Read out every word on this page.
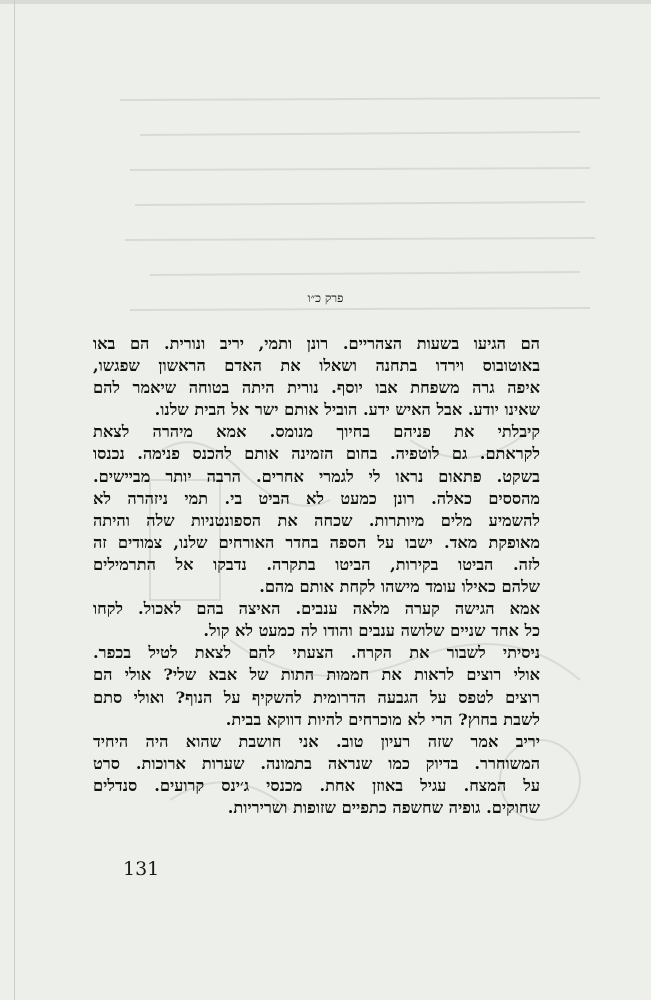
פרק כ״ו
הם הגיעו בשעות הצהריים. רונן ותמי, יריב ונורית. הם באו
באוטובוס וירדו בתחנה ושאלו את האדם הראשון שפגשו,
איפה גרה משפחת אבו יוסף. נורית היתה בטוחה שיאמר להם
שאינו יודע. אבל האיש ידע. הוביל אותם ישר אל הבית שלנו.
קיבלתי את פניהם בחיוך מנומס. אמא מיהרה לצאת
לקראתם. גם לוטפיה. בחום הזמינה אותם להכנס פנימה. נכנסו
בשקט. פתאום נראו לי לגמרי אחרים. הרבה יותר מביישים.
מהססים כאלה. רונן כמעט לא הביט בי. תמי ניזהרה לא
להשמיע מלים מיותרות. שכחה את הספונטניות שלה והיתה
מאופקת מאד. ישבו על הספה בחדר האורחים שלנו, צמודים זה
לזה. הביטו בקירות, הביטו בתקרה. נדבקו אל התרמילים
שלהם כאילו עומד מישהו לקחת אותם מהם.
אמא הגישה קערה מלאה ענבים. האיצה בהם לאכול. לקחו
כל אחד שניים שלושה ענבים והודו לה כמעט לא קול.
ניסיתי לשבור את הקרח. הצעתי להם לצאת לטיל בכפר.
אולי רוצים לראות את חממות התות של אבא שלי? אולי הם
רוצים לטפס על הגבעה הדרומית להשקיף על הנוף? ואולי סתם
לשבת בחוץ? הרי לא מוכרחים להיות דווקא בבית.
יריב אמר שזה רעיון טוב. אני חושבת שהוא היה היחיד
המשוחרר. בדיוק כמו שנראה בתמונה. שערות ארוכות. סרט
על המצח. עגיל באוזן אחת. מכנסי ג׳ינס קרועים. סנדלים
שחוקים. גופיה שחשפה כתפיים שזופות ושריריות.
131
